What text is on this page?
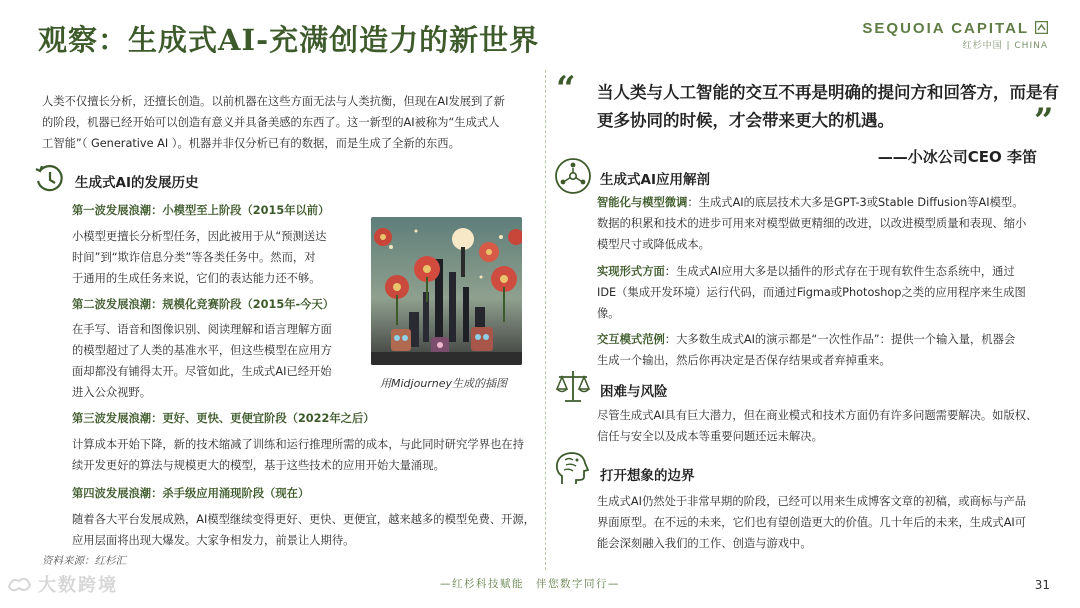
观察：生成式AI-充满创造力的新世界	SEQUOIA CAPITAL
红杉中国 | CHINA
人类不仅擅长分析，还擅长创造。以前机器在这些方面无法与人类抗衡，但现在AI发展到了新
的阶段，机器已经开始可以创造有意义并具备美感的东西了。这一新型的AI被称为“生成式人
工智能”（ Generative AI ）。机器并非仅分析已有的数据，而是生成了全新的东西。
生成式AI的发展历史
第一波发展浪潮：小模型至上阶段（2015年以前）
小模型更擅长分析型任务，因此被用于从“预测送达
时间”到“欺诈信息分类”等各类任务中。然而，对
于通用的生成任务来说，它们的表达能力还不够。
第二波发展浪潮：规模化竞赛阶段（2015年-今天）
在手写、语音和图像识别、阅读理解和语言理解方面
的模型超过了人类的基准水平，但这些模型在应用方
面却都没有铺得太开。尽管如此，生成式AI已经开始
进入公众视野。
第三波发展浪潮：更好、更快、更便宜阶段（2022年之后）
计算成本开始下降，新的技术缩减了训练和运行推理所需的成本，与此同时研究学界也在持
续开发更好的算法与规模更大的模型，基于这些技术的应用开始大量涌现。
第四波发展浪潮：杀手级应用涌现阶段（现在）
随着各大平台发展成熟，AI模型继续变得更好、更快、更便宜，越来越多的模型免费、开源，
应用层面将出现大爆发。大家争相发力，前景让人期待。
用Midjourney生成的插图
资料来源：红杉汇
“ 当人类与人工智能的交互不再是明确的提问方和回答方，而是有
更多协同的时候，才会带来更大的机遇。	”
——小冰公司CEO 李笛
生成式AI应用解剖
智能化与模型微调：生成式AI的底层技术大多是GPT-3或Stable Diffusion等AI模型。
数据的积累和技术的进步可用来对模型做更精细的改进，以改进模型质量和表现、缩小
模型尺寸或降低成本。
实现形式方面：生成式AI应用大多是以插件的形式存在于现有软件生态系统中，通过
IDE（集成开发环境）运行代码，而通过Figma或Photoshop之类的应用程序来生成图
像。
交互模式范例：大多数生成式AI的演示都是“一次性作品”：提供一个输入量，机器会
生成一个输出，然后你再决定是否保存结果或者弃掉重来。
困难与风险
尽管生成式AI具有巨大潜力，但在商业模式和技术方面仍有许多问题需要解决。如版权、
信任与安全以及成本等重要问题还远未解决。
打开想象的边界
生成式AI仍然处于非常早期的阶段，已经可以用来生成博客文章的初稿，或商标与产品
界面原型。在不远的未来，它们也有望创造更大的价值。几十年后的未来，生成式AI可
能会深刻融入我们的工作、创造与游戏中。
大数跨境	—红杉科技赋能　伴您数字同行—	31
